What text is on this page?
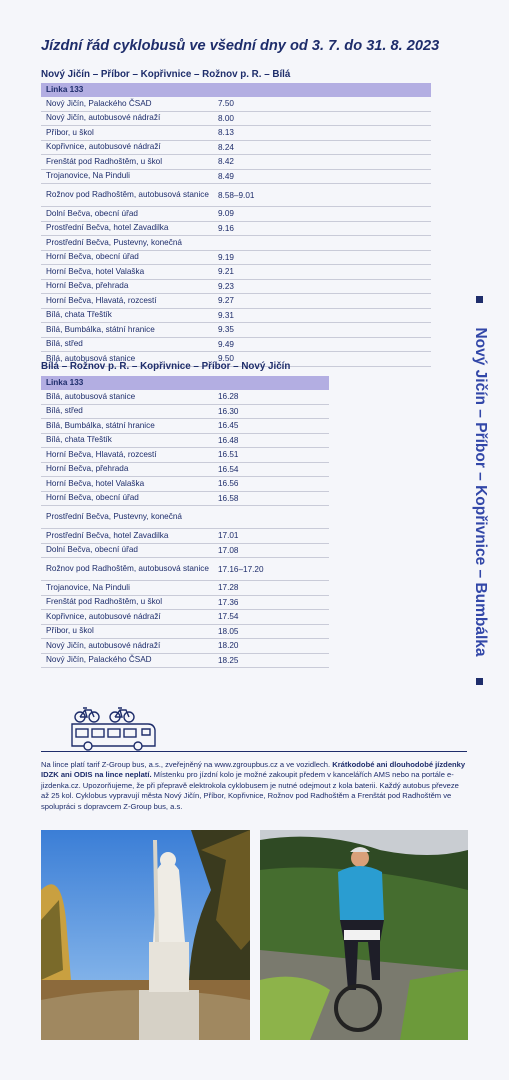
Jízdní řád cyklobusů ve všední dny od 3. 7. do 31. 8. 2023
Nový Jičín – Příbor – Kopřivnice – Rožnov p. R. – Bílá
Linka 133
Nový Jičín, Palackého ČSAD	7.50
Nový Jičín, autobusové nádraží	8.00
Příbor, u škol	8.13
Kopřivnice, autobusové nádraží	8.24
Frenštát pod Radhoštěm, u škol	8.42
Trojanovice, Na Pinduli	8.49
Rožnov pod Radhoštěm, autobusová stanice	8.58–9.01
Dolní Bečva, obecní úřad	9.09
Prostřední Bečva, hotel Zavadilka	9.16
Prostřední Bečva, Pustevny, konečná
Horní Bečva, obecní úřad	9.19
Horní Bečva, hotel Valaška	9.21
Horní Bečva, přehrada	9.23
Horní Bečva, Hlavatá, rozcestí	9.27
Bílá, chata Třeštík	9.31
Bílá, Bumbálka, státní hranice	9.35
Bílá, střed	9.49
Bílá, autobusová stanice	9.50
Bílá – Rožnov p. R. – Kopřivnice – Příbor – Nový Jičín
Linka 133
Bílá, autobusová stanice	16.28
Bílá, střed	16.30
Bílá, Bumbálka, státní hranice	16.45
Bílá, chata Třeštík	16.48
Horní Bečva, Hlavatá, rozcestí	16.51
Horní Bečva, přehrada	16.54
Horní Bečva, hotel Valaška	16.56
Horní Bečva, obecní úřad	16.58
Prostřední Bečva, Pustevny, konečná
Prostřední Bečva, hotel Zavadilka	17.01
Dolní Bečva, obecní úřad	17.08
Rožnov pod Radhoštěm, autobusová stanice	17.16–17.20
Trojanovice, Na Pinduli	17.28
Frenštát pod Radhoštěm, u škol	17.36
Kopřivnice, autobusové nádraží	17.54
Příbor, u škol	18.05
Nový Jičín, autobusové nádraží	18.20
Nový Jičín, Palackého ČSAD	18.25
Nový Jičín – Příbor – Kopřivnice – Bumbálka
Na lince platí tarif Z-Group bus, a.s., zveřejněný na www.zgroupbus.cz a ve vozidlech. Krátkodobé ani dlouhodobé jízdenky IDZK ani ODIS na lince neplatí. Místenku pro jízdní kolo je možné zakoupit předem v kancelářích AMS nebo na portále e-jizdenka.cz. Upozorňujeme, že při přepravě elektrokola cyklobusem je nutné odejmout z kola baterii. Každý autobus převeze až 25 kol. Cyklobus vypravují města Nový Jičín, Příbor, Kopřivnice, Rožnov pod Radhoštěm a Frenštát pod Radhoštěm ve spolupráci s dopravcem Z-Group bus, a.s.
